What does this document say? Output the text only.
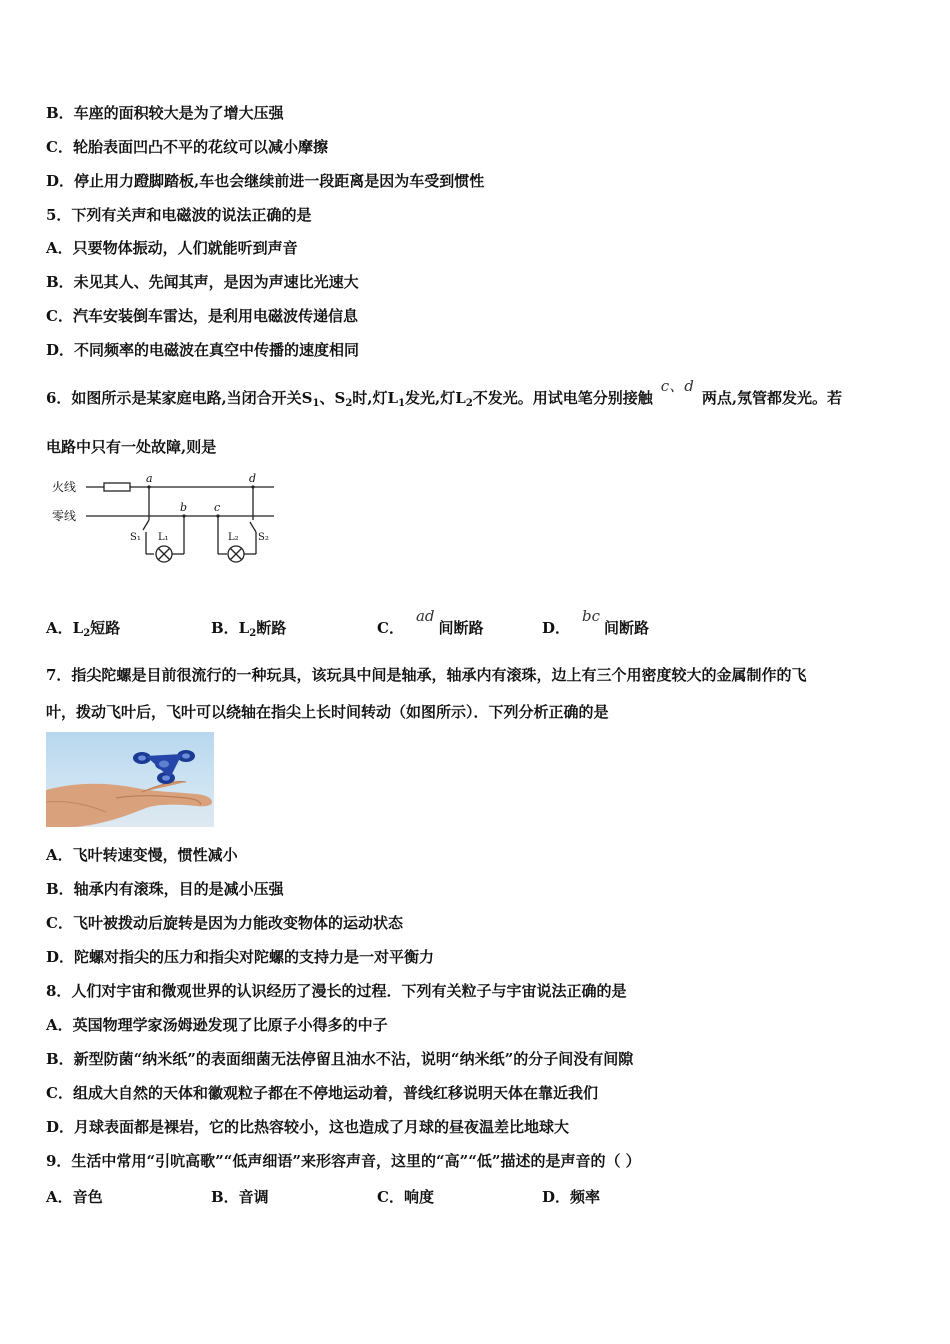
B．车座的面积较大是为了增大压强
C．轮胎表面凹凸不平的花纹可以减小摩擦
D．停止用力蹬脚踏板,车也会继续前进一段距离是因为车受到惯性
5．下列有关声和电磁波的说法正确的是
A．只要物体振动，人们就能听到声音
B．未见其人、先闻其声，是因为声速比光速大
C．汽车安装倒车雷达，是利用电磁波传递信息
D．不同频率的电磁波在真空中传播的速度相同
6．如图所示是某家庭电路,当闭合开关$S_1$、$S_2$时,灯$L_1$发光,灯$L_2$不发光。用试电笔分别接触c、d两点,氖管都发光。若
电路中只有一处故障,则是
火线
零线
a
b c
d
S₁ L₁	L₂ S₂
A．$L_2$短路	B．$L_2$断路	C．ad间断路	D．bc间断路
7．指尖陀螺是目前很流行的一种玩具，该玩具中间是轴承，轴承内有滚珠，边上有三个用密度较大的金属制作的飞
叶，拨动飞叶后，飞叶可以绕轴在指尖上长时间转动（如图所示）．下列分析正确的是
A．飞叶转速变慢，惯性减小
B．轴承内有滚珠，目的是减小压强
C．飞叶被拨动后旋转是因为力能改变物体的运动状态
D．陀螺对指尖的压力和指尖对陀螺的支持力是一对平衡力
8．人们对宇宙和微观世界的认识经历了漫长的过程．下列有关粒子与宇宙说法正确的是
A．英国物理学家汤姆逊发现了比原子小得多的中子
B．新型防菌“纳米纸”的表面细菌无法停留且油水不沾，说明“纳米纸”的分子间没有间隙
C．组成大自然的天体和徽观粒子都在不停地运动着，普线红移说明天体在靠近我们
D．月球表面都是裸岩，它的比热容较小，这也造成了月球的昼夜温差比地球大
9．生活中常用“引吭高歌”“低声细语”来形容声音，这里的“高”“低”描述的是声音的（ ）
A．音色	B．音调	C．响度	D．频率
